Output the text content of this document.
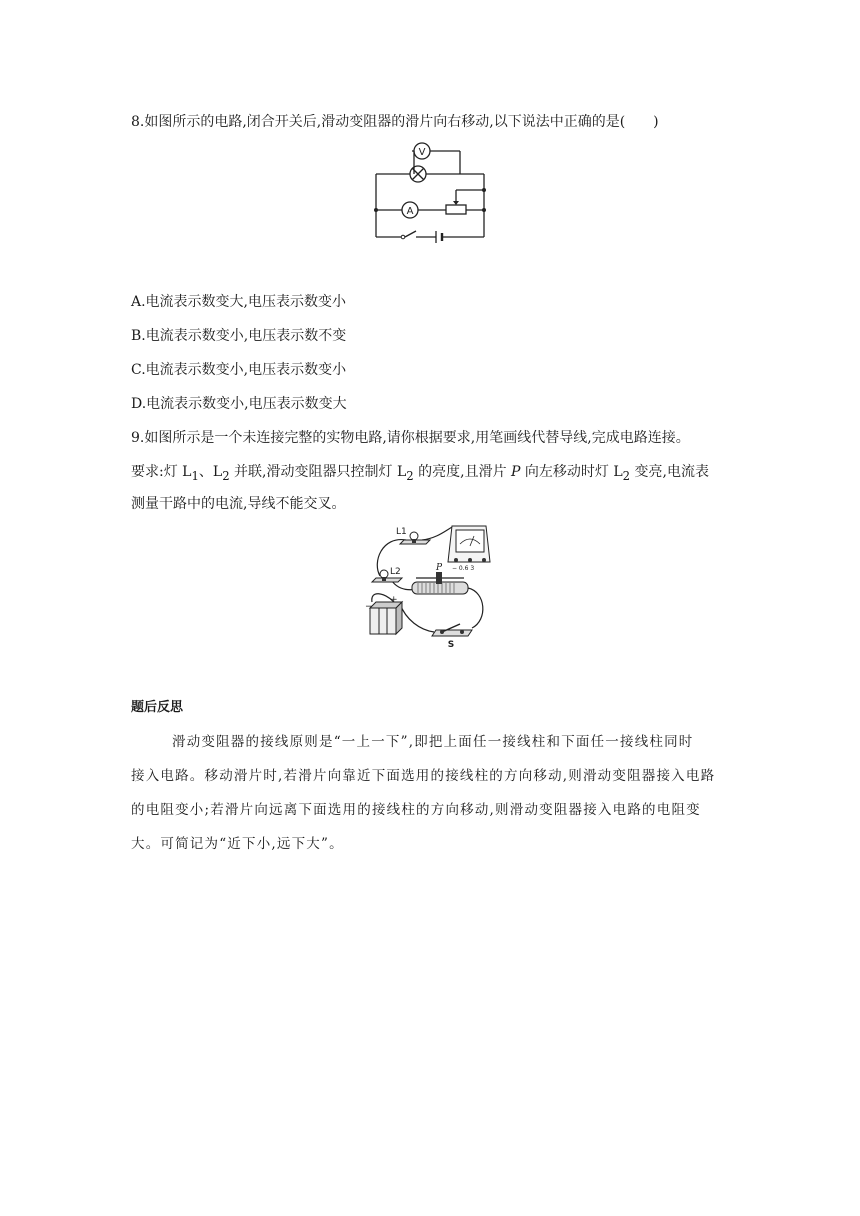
8.如图所示的电路,闭合开关后,滑动变阻器的滑片向右移动,以下说法中正确的是(　　)
V
A
A.电流表示数变大,电压表示数变小
B.电流表示数变小,电压表示数不变
C.电流表示数变小,电压表示数变小
D.电流表示数变小,电压表示数变大
9.如图所示是一个未连接完整的实物电路,请你根据要求,用笔画线代替导线,完成电路连接。
要求:灯 $L_1$、$L_2$ 并联,滑动变阻器只控制灯 $L_2$ 的亮度,且滑片 P 向左移动时灯 $L_2$ 变亮,电流表
测量干路中的电流,导线不能交叉。
L1
L2
−
+
− 0.6 3
P
S
题后反思
滑动变阻器的接线原则是“一上一下”,即把上面任一接线柱和下面任一接线柱同时
接入电路。移动滑片时,若滑片向靠近下面选用的接线柱的方向移动,则滑动变阻器接入电路
的电阻变小;若滑片向远离下面选用的接线柱的方向移动,则滑动变阻器接入电路的电阻变
大。可简记为“近下小,远下大”。
